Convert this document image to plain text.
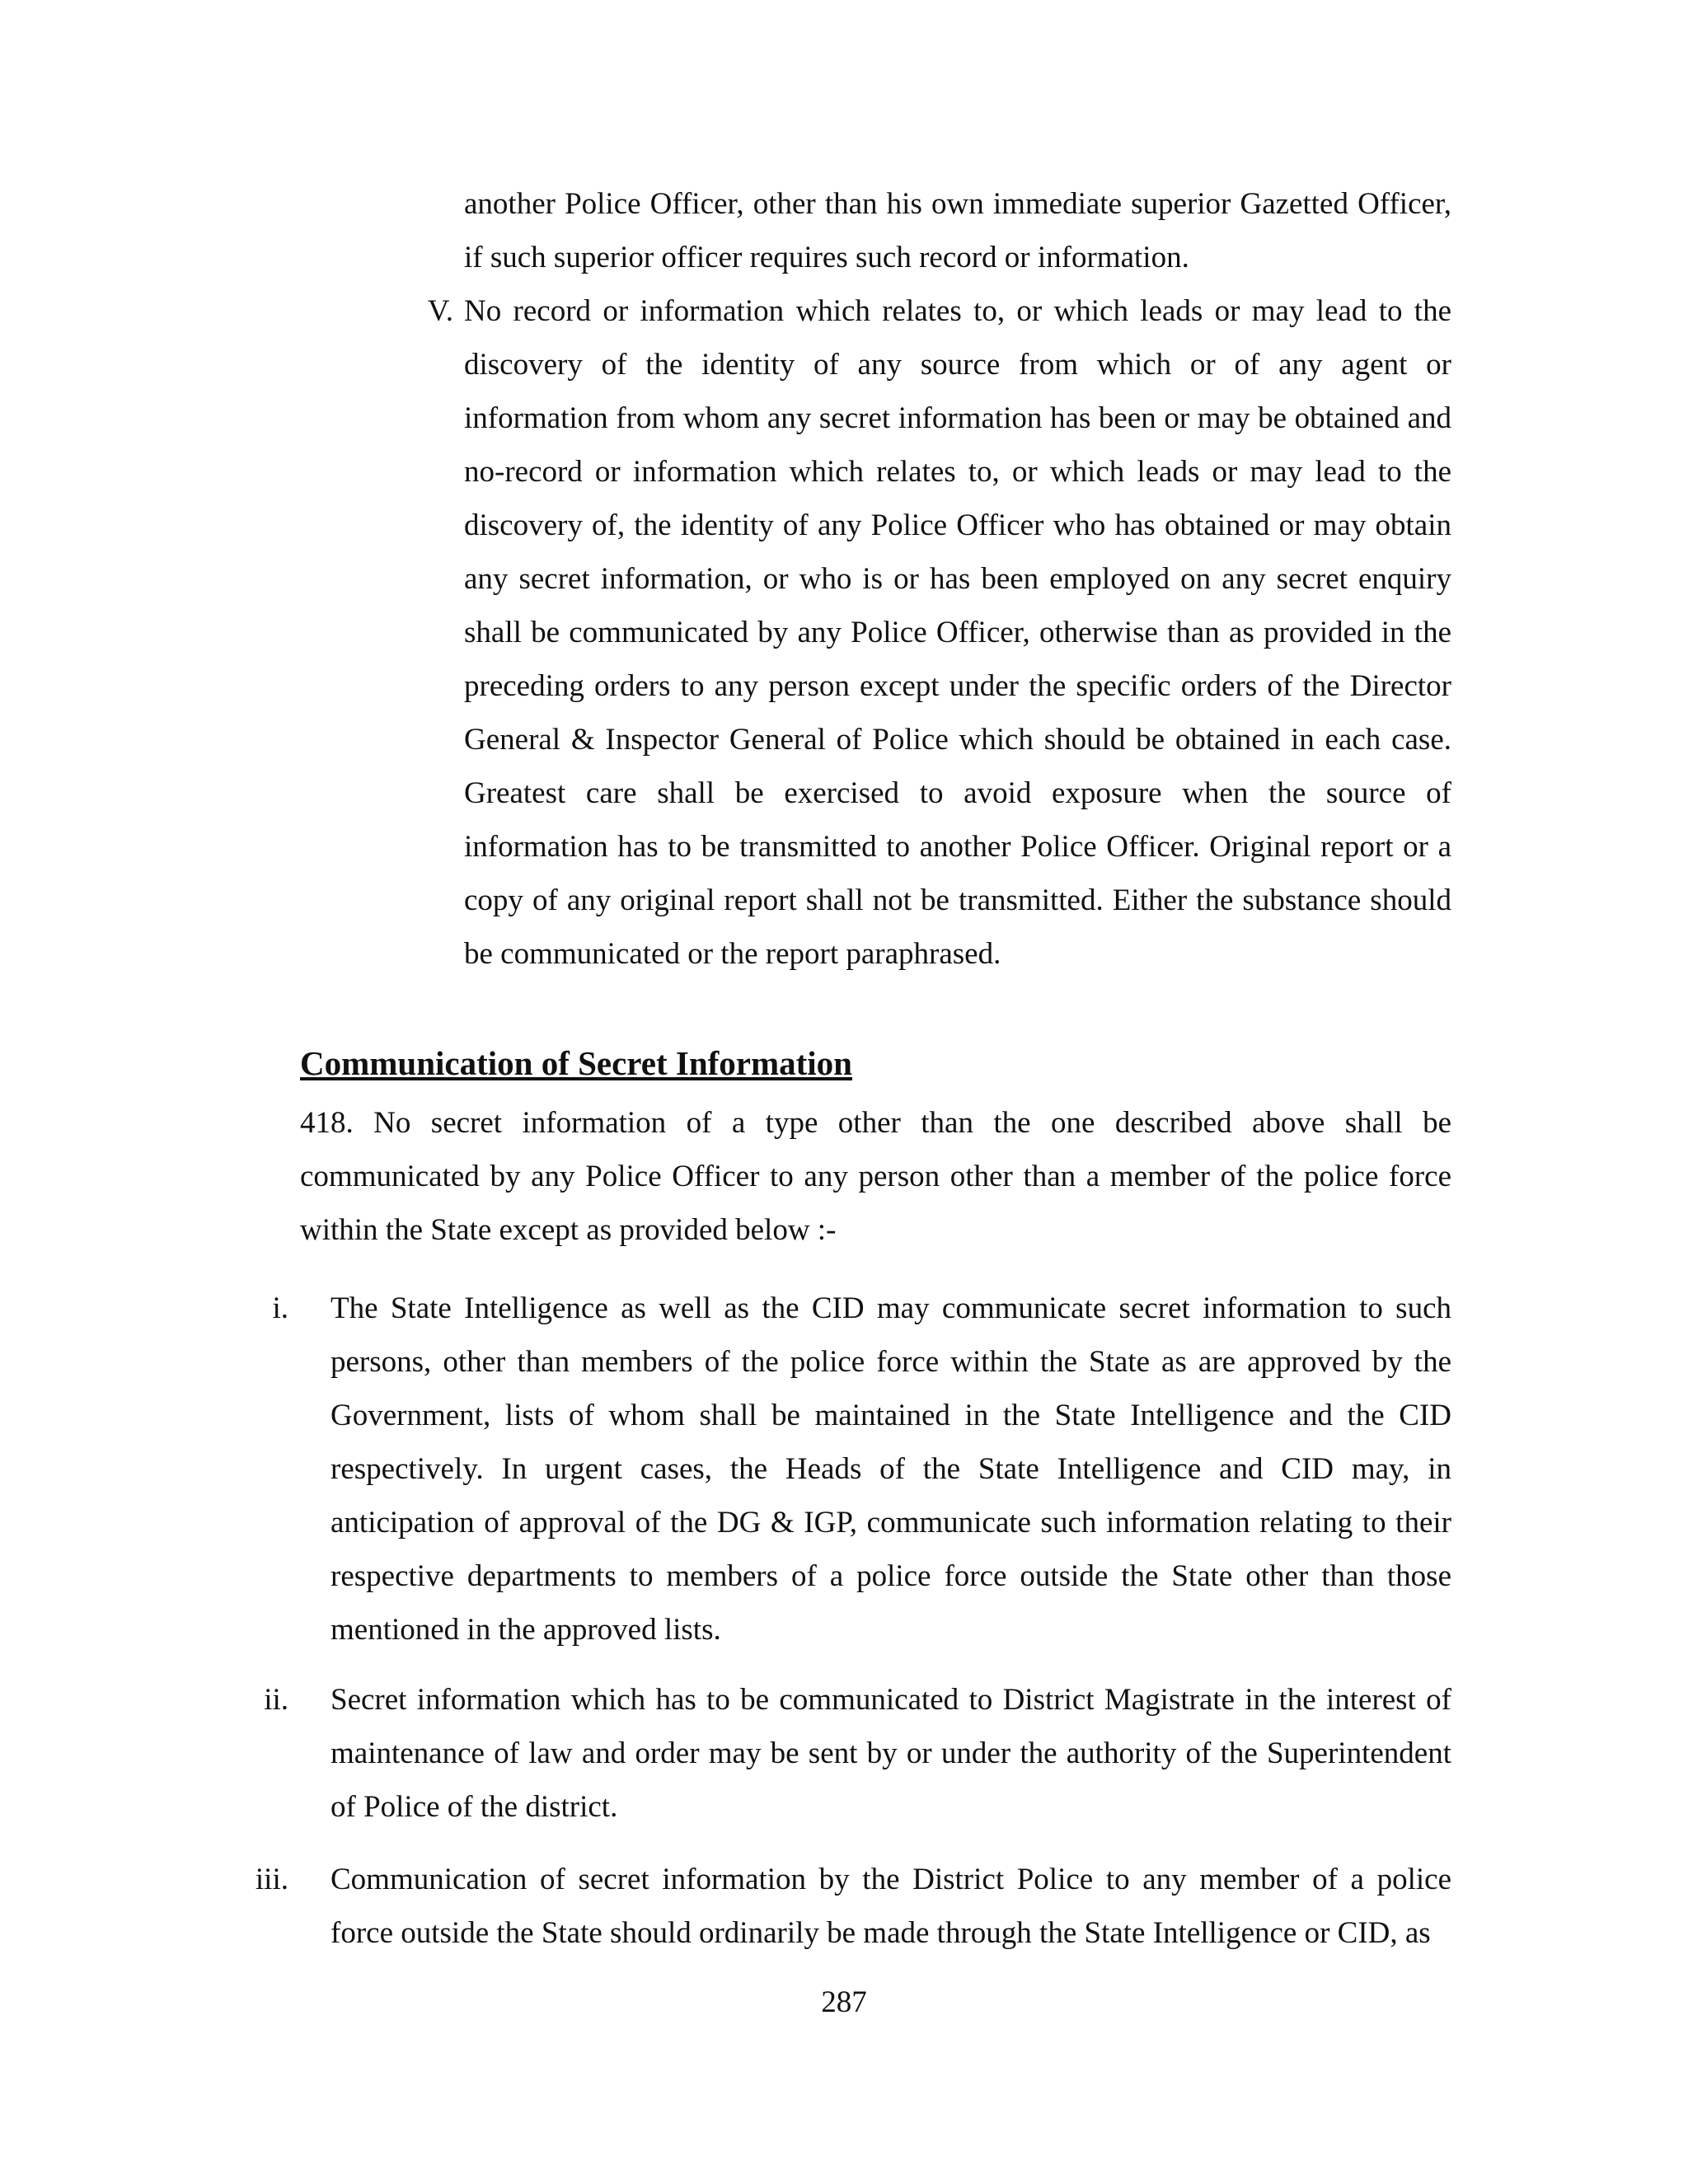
another Police Officer, other than his own immediate superior Gazetted Officer, if such superior officer requires such record or information.

V. No record or information which relates to, or which leads or may lead to the discovery of the identity of any source from which or of any agent or information from whom any secret information has been or may be obtained and no-record or information which relates to, or which leads or may lead to the discovery of, the identity of any Police Officer who has obtained or may obtain any secret information, or who is or has been employed on any secret enquiry shall be communicated by any Police Officer, otherwise than as provided in the preceding orders to any person except under the specific orders of the Director General & Inspector General of Police which should be obtained in each case. Greatest care shall be exercised to avoid exposure when the source of information has to be transmitted to another Police Officer. Original report or a copy of any original report shall not be transmitted. Either the substance should be communicated or the report paraphrased.

Communication of Secret Information

418. No secret information of a type other than the one described above shall be communicated by any Police Officer to any person other than a member of the police force within the State except as provided below :-

i. The State Intelligence as well as the CID may communicate secret information to such persons, other than members of the police force within the State as are approved by the Government, lists of whom shall be maintained in the State Intelligence and the CID respectively. In urgent cases, the Heads of the State Intelligence and CID may, in anticipation of approval of the DG & IGP, communicate such information relating to their respective departments to members of a police force outside the State other than those mentioned in the approved lists.

ii. Secret information which has to be communicated to District Magistrate in the interest of maintenance of law and order may be sent by or under the authority of the Superintendent of Police of the district.

iii. Communication of secret information by the District Police to any member of a police force outside the State should ordinarily be made through the State Intelligence or CID, as

287
